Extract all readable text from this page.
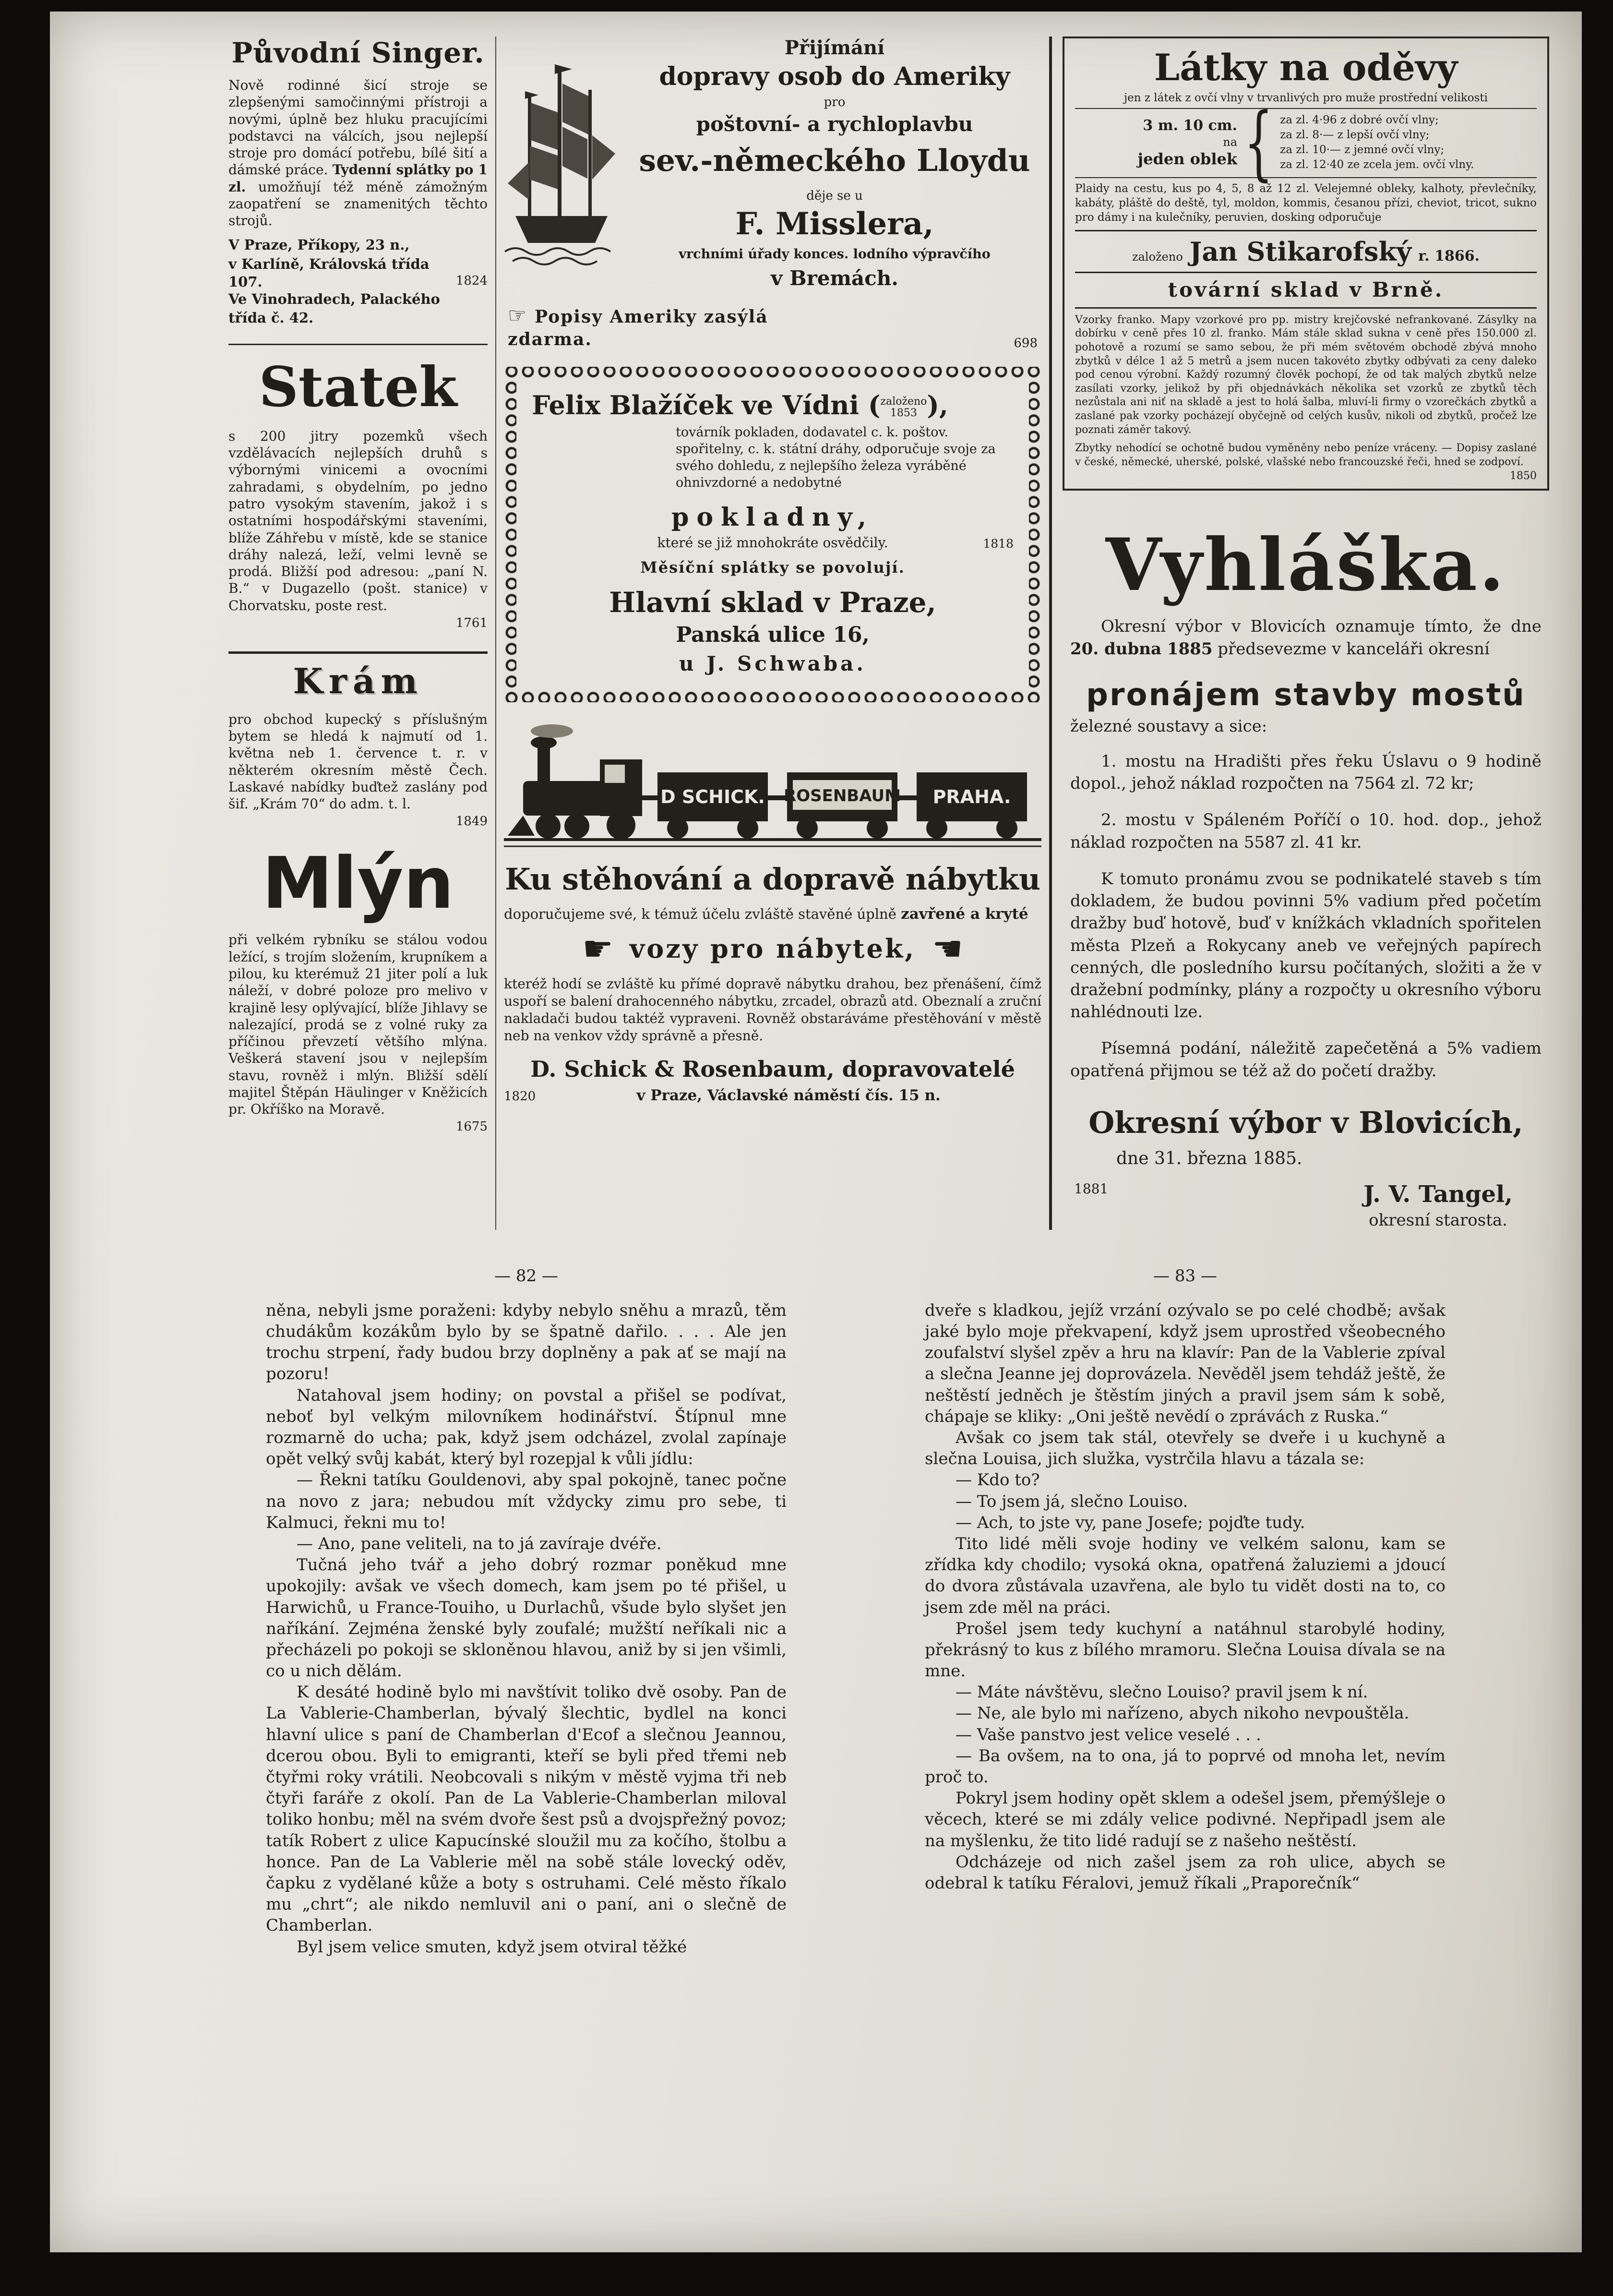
Původní Singer.

Nově rodinné šicí stroje se zlepšenými samočinnými přístroji a novými, úplně bez hluku pracujícími podstavci na válcích, jsou nejlepší stroje pro domácí potřebu, bílé šití a dámské práce. Tydenní splátky po 1 zl. umožňují též méně zámožným zaopatření se znamenitých těchto strojů.

V Praze, Příkopy, 23 n.,
v Karlíně, Královská třída
107.	1824
Ve Vinohradech, Palackého
třída č. 42.
Statek

s 200 jitry pozemků všech vzdělávacích nejlepších druhů s výbornými vinicemi a ovocními zahradami, s obydelním, po jedno patro vysokým stavením, jakož i s ostatními hospodářskými staveními, blíže Záhřebu v místě, kde se stanice dráhy nalezá, leží, velmi levně se prodá. Bližší pod adresou: „paní N. B.“ v Dugazello (pošt. stanice) v Chorvatsku, poste rest.

1761
Krám

pro obchod kupecký s příslušným bytem se hledá k najmutí od 1. května neb 1. července t. r. v některém okresním městě Čech. Laskavé nabídky buďtež zaslány pod šif. „Krám 70“ do adm. t. l.

1849
Mlýn

při velkém rybníku se stálou vodou ležící, s trojím složením, krupníkem a pilou, ku kterémuž 21 jiter polí a luk náleží, v dobré poloze pro melivo v krajině lesy oplývající, blíže Jihlavy se nalezající, prodá se z volné ruky za příčinou převzetí většího mlýna. Veškerá stavení jsou v nejlepším stavu, rovněž i mlýn. Bližší sdělí majitel Štěpán Häulinger v Kněžicích pr. Okříško na Moravě.

1675
Přijímání
dopravy osob do Ameriky
pro
poštovní- a rychloplavbu
sev.-německého Lloydu
děje se u
F. Misslera,
vrchními úřady konces. lodního výpravčího
v Bremách.
☞ Popisy Ameriky zasýlá
zdarma.	698
Felix Blažíček ve Vídni ( založeno
1853 ),
továrník pokladen, dodavatel c. k. poštov. spořitelny, c. k. státní dráhy, odporučuje svoje za svého dohledu, z nejlepšího železa vyráběné ohnivzdorné a nedobytné
pokladny,
které se již mnohokráte osvědčily.	1818
Měsíční splátky se povolují.
Hlavní sklad v Praze,
Panská ulice 16,
u J. Schwaba.
D SCHICK. ROSENBAUM PRAHA.
Ku stěhování a dopravě nábytku
doporučujeme své, k témuž účelu zvláště stavěné úplně zavřené a kryté
☛ vozy pro nábytek, ☚

kteréž hodí se zvláště ku přímé dopravě nábytku drahou, bez přenášení, čímž uspoří se balení drahocenného nábytku, zrcadel, obrazů atd. Obeznalí a zruční nakladači budou taktéž vypraveni. Rovněž obstaráváme přestěhování v městě neb na venkov vždy správně a přesně.

D. Schick & Rosenbaum, dopravovatelé
1820	v Praze, Václavské náměstí čís. 15 n.
Látky na oděvy
jen z látek z ovčí vlny v trvanlivých pro muže prostřední velikosti
3 m. 10 cm.
na
jeden oblek { za zl. 4·96 z dobré ovčí vlny;
za zl. 8·— z lepší ovčí vlny;
za zl. 10·— z jemné ovčí vlny;
za zl. 12·40 ze zcela jem. ovčí vlny.

Plaidy na cestu, kus po 4, 5, 8 až 12 zl. Velejemné obleky, kalhoty, převlečníky, kabáty, pláště do deště, tyl, moldon, kommis, česanou přízi, cheviot, tricot, sukno pro dámy i na kulečníky, peruvien, dosking odporučuje

založeno Jan Stikarofský r. 1866.
tovární sklad v Brně.

Vzorky franko. Mapy vzorkové pro pp. mistry krejčovské nefrankované. Zásylky na dobírku v ceně přes 10 zl. franko. Mám stále sklad sukna v ceně přes 150.000 zl. pohotově a rozumí se samo sebou, že při mém světovém obchodě zbývá mnoho zbytků v délce 1 až 5 metrů a jsem nucen takovéto zbytky odbývati za ceny daleko pod cenou výrobní. Každý rozumný člověk pochopí, že od tak malých zbytků nelze zasílati vzorky, jelikož by při objednávkách několika set vzorků ze zbytků těch nezůstala ani niť na skladě a jest to holá šalba, mluví-li firmy o vzorečkách zbytků a zaslané pak vzorky pocházejí obyčejně od celých kusův, nikoli od zbytků, pročež lze poznati záměr takový.

Zbytky nehodící se ochotně budou vyměněny nebo peníze vráceny. — Dopisy zaslané v české, německé, uherské, polské, vlašské nebo francouzské řeči, hned se zodpoví.

1850
Vyhláška.

Okresní výbor v Blovicích oznamuje tímto, že dne 20. dubna 1885 předsevezme v kanceláři okresní

pronájem stavby mostů
železné soustavy a sice:

1. mostu na Hradišti přes řeku Úslavu o 9 hodině dopol., jehož náklad rozpočten na 7564 zl. 72 kr;

2. mostu v Spáleném Poříčí o 10. hod. dop., jehož náklad rozpočten na 5587 zl. 41 kr.

K tomuto pronámu zvou se podnikatelé staveb s tím dokladem, že budou povinni 5% vadium před početím dražby buď hotově, buď v knížkách vkladních spořitelen města Plzeň a Rokycany aneb ve veřejných papírech cenných, dle posledního kursu počítaných, složiti a že v dražební podmínky, plány a rozpočty u okresního výboru nahlédnouti lze.

Písemná podání, náležitě zapečetěná a 5% vadiem opatřená přijmou se též až do početí dražby.

Okresní výbor v Blovicích,
dne 31. března 1885.
1881	J. V. Tangel,
okresní starosta.
— 82 —

něna, nebyli jsme poraženi: kdyby nebylo sněhu a mrazů, těm chudákům kozákům bylo by se špatně dařilo. . . . Ale jen trochu strpení, řady budou brzy doplněny a pak ať se mají na pozoru!

Natahoval jsem hodiny; on povstal a přišel se podívat, neboť byl velkým milovníkem hodinářství. Štípnul mne rozmarně do ucha; pak, když jsem odcházel, zvolal zapínaje opět velký svůj kabát, který byl rozepjal k vůli jídlu:

— Řekni tatíku Gouldenovi, aby spal pokojně, tanec počne na novo z jara; nebudou mít vždycky zimu pro sebe, ti Kalmuci, řekni mu to!

— Ano, pane veliteli, na to já zavíraje dvéře.

Tučná jeho tvář a jeho dobrý rozmar poněkud mne upokojily: avšak ve všech domech, kam jsem po té přišel, u Harwichů, u France-Touiho, u Durlachů, všude bylo slyšet jen naříkání. Zejména ženské byly zoufalé; mužští neříkali nic a přecházeli po pokoji se skloněnou hlavou, aniž by si jen všimli, co u nich dělám.

K desáté hodině bylo mi navštívit toliko dvě osoby. Pan de La Vablerie-Chamberlan, bývalý šlechtic, bydlel na konci hlavní ulice s paní de Chamberlan d'Ecof a slečnou Jeannou, dcerou obou. Byli to emigranti, kteří se byli před třemi neb čtyřmi roky vrátili. Neobcovali s nikým v městě vyjma tři neb čtyři faráře z okolí. Pan de La Vablerie-Chamberlan miloval toliko honbu; měl na svém dvoře šest psů a dvojspřežný povoz; tatík Robert z ulice Kapucínské sloužil mu za kočího, štolbu a honce. Pan de La Vablerie měl na sobě stále lovecký oděv, čapku z vydělané kůže a boty s ostruhami. Celé město říkalo mu „chrt“; ale nikdo nemluvil ani o paní, ani o slečně de Chamberlan.

Byl jsem velice smuten, když jsem otviral těžké

— 83 —

dveře s kladkou, jejíž vrzání ozývalo se po celé chodbě; avšak jaké bylo moje překvapení, když jsem uprostřed všeobecného zoufalství slyšel zpěv a hru na klavír: Pan de la Vablerie zpíval a slečna Jeanne jej doprovázela. Nevěděl jsem tehdáž ještě, že neštěstí jedněch je štěstím jiných a pravil jsem sám k sobě, chápaje se kliky: „Oni ještě nevědí o zprávách z Ruska.“

Avšak co jsem tak stál, otevřely se dveře i u kuchyně a slečna Louisa, jich služka, vystrčila hlavu a tázala se:

— Kdo to?

— To jsem já, slečno Louiso.

— Ach, to jste vy, pane Josefe; pojďte tudy.

Tito lidé měli svoje hodiny ve velkém salonu, kam se zřídka kdy chodilo; vysoká okna, opatřená žaluziemi a jdoucí do dvora zůstávala uzavřena, ale bylo tu vidět dosti na to, co jsem zde měl na práci.

Prošel jsem tedy kuchyní a natáhnul starobylé hodiny, překrásný to kus z bílého mramoru. Slečna Louisa dívala se na mne.

— Máte návštěvu, slečno Louiso? pravil jsem k ní.

— Ne, ale bylo mi nařízeno, abych nikoho nevpouštěla.

— Vaše panstvo jest velice veselé . . .

— Ba ovšem, na to ona, já to poprvé od mnoha let, nevím proč to.

Pokryl jsem hodiny opět sklem a odešel jsem, přemýšleje o věcech, které se mi zdály velice podivné. Nepřipadl jsem ale na myšlenku, že tito lidé radují se z našeho neštěstí.

Odcházeje od nich zašel jsem za roh ulice, abych se odebral k tatíku Féralovi, jemuž říkali „Praporečník“
